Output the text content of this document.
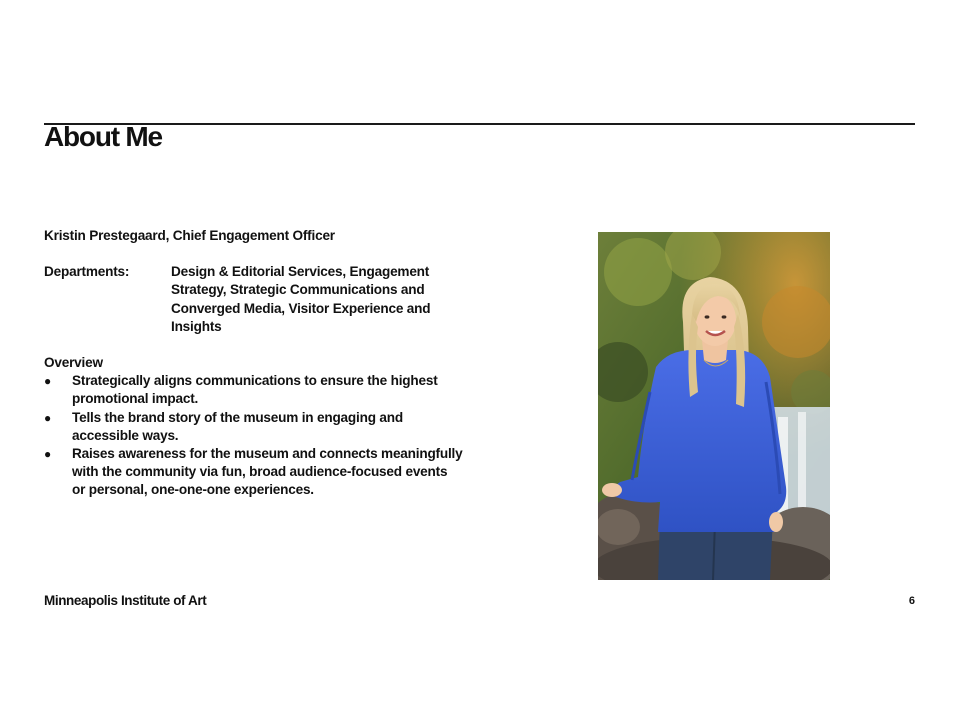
About Me
Kristin Prestegaard, Chief Engagement Officer
Departments:	Design & Editorial Services, Engagement Strategy, Strategic Communications and Converged Media, Visitor Experience and Insights
Overview
●	Strategically aligns communications to ensure the highest promotional impact.
●	Tells the brand story of the museum in engaging and accessible ways.
●	Raises awareness for the museum and connects meaningfully with the community via fun, broad audience-focused events or personal, one-one-one experiences.
Minneapolis Institute of Art	6
